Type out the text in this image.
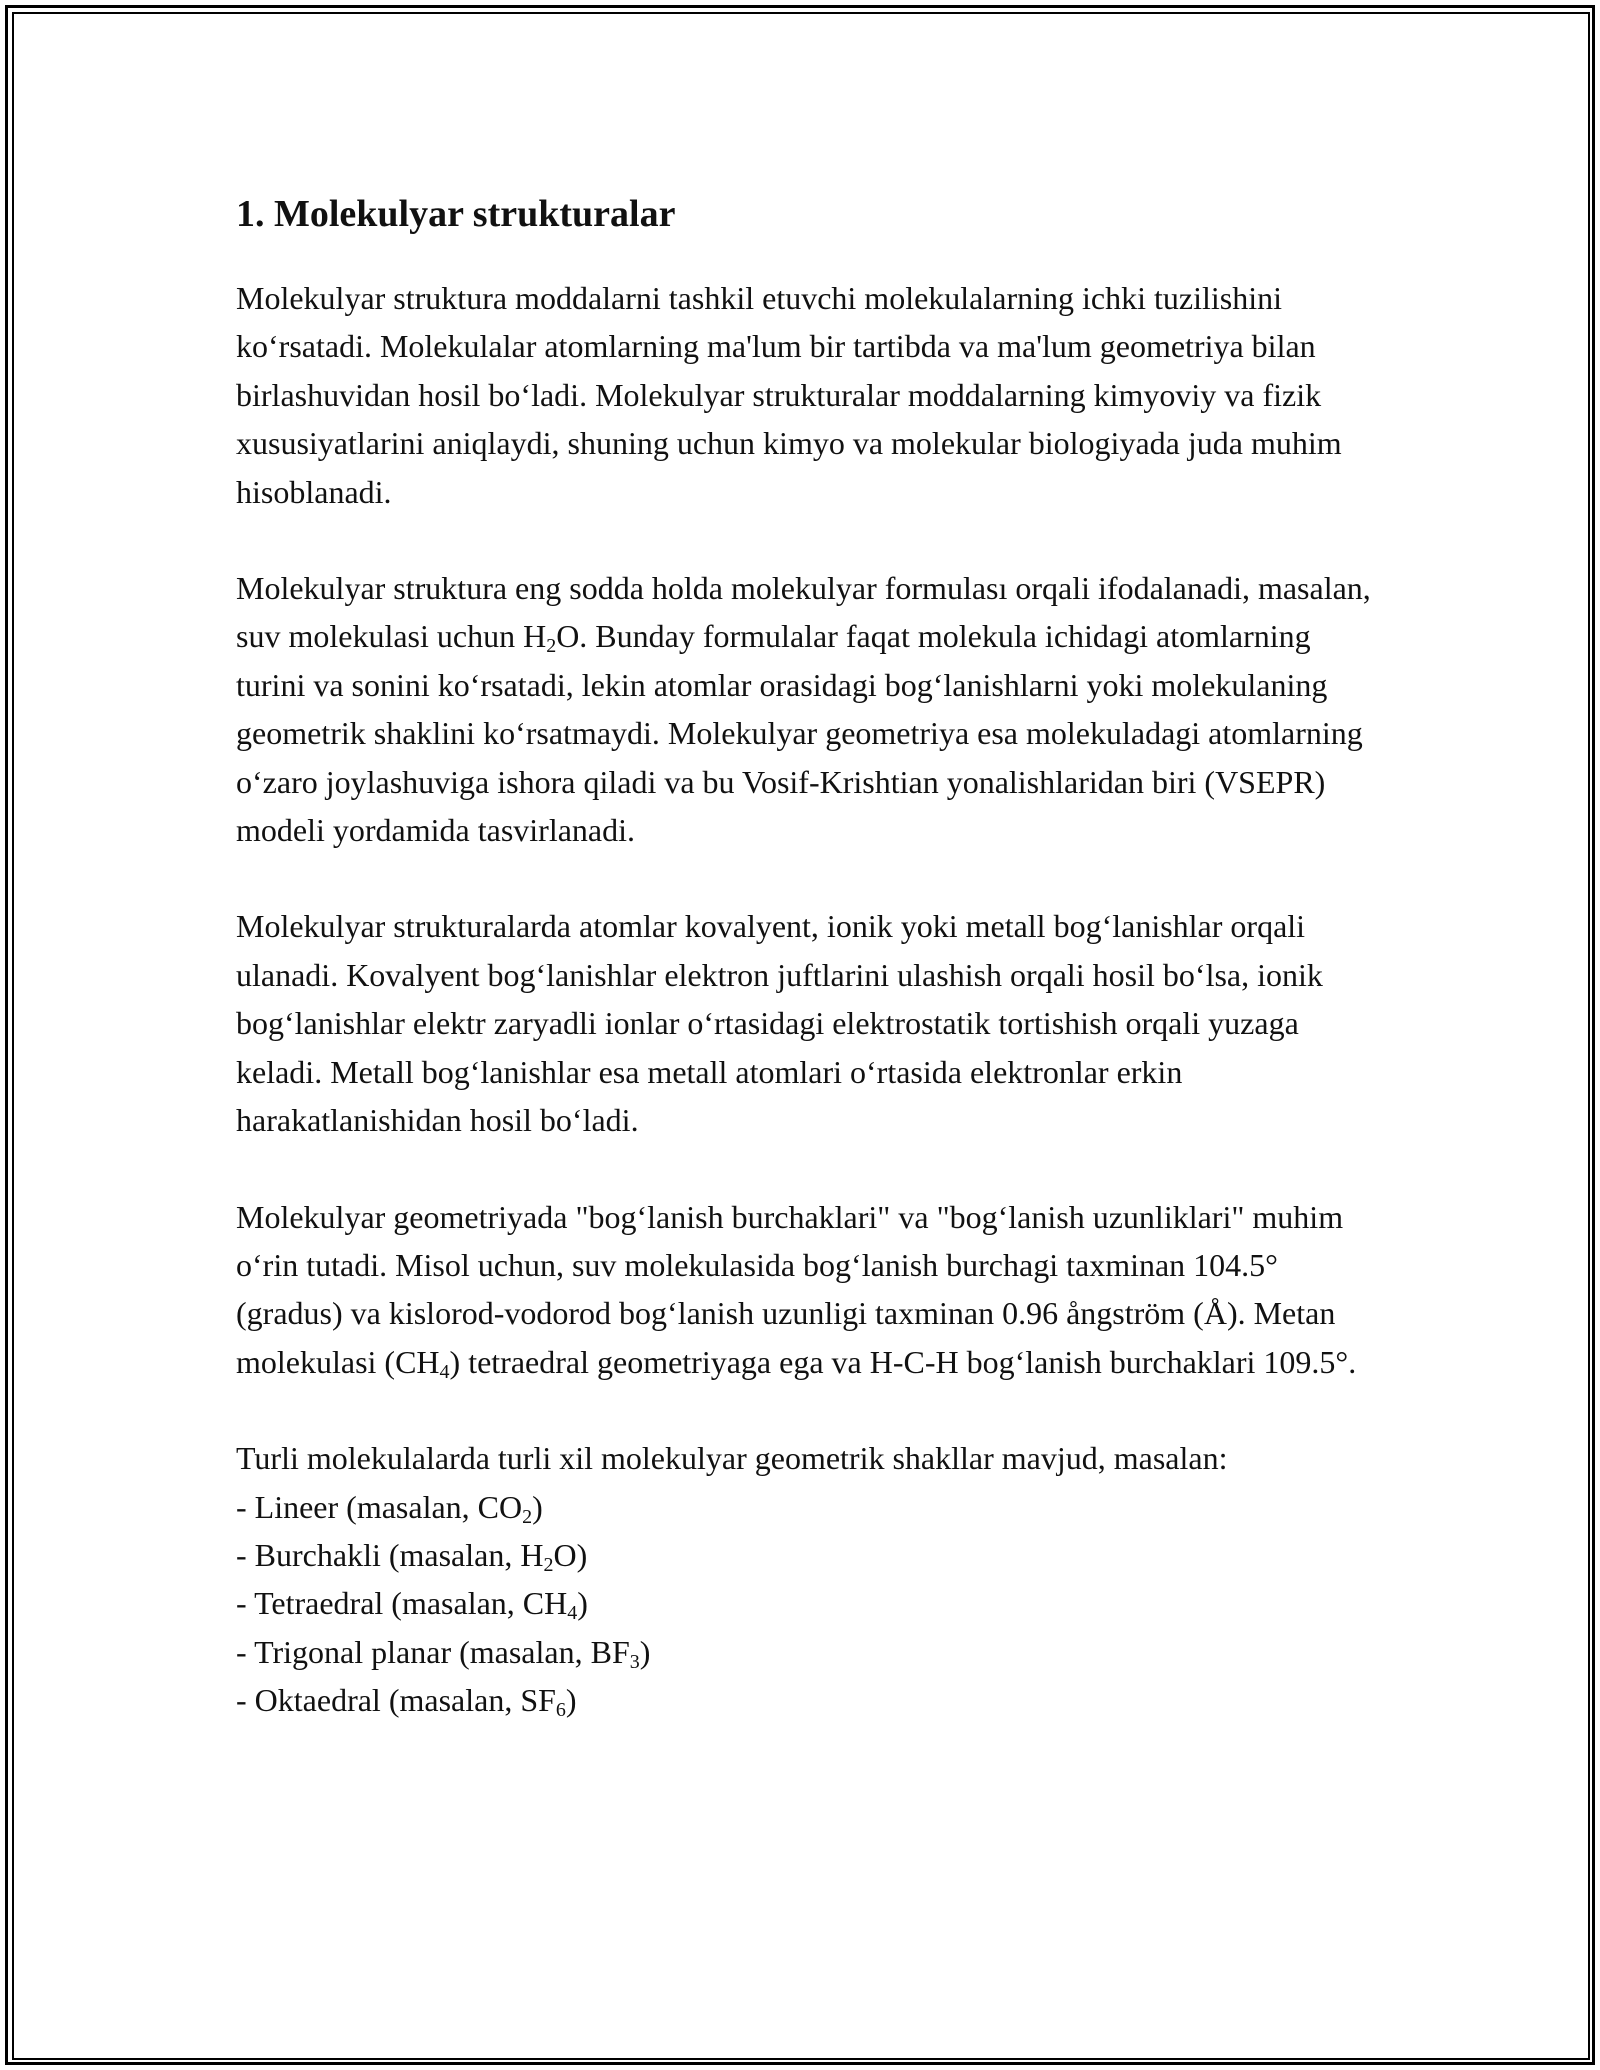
1. Molekulyar strukturalar

Molekulyar struktura moddalarni tashkil etuvchi molekulalarning ichki tuzilishini ko‘rsatadi. Molekulalar atomlarning ma'lum bir tartibda va ma'lum geometriya bilan birlashuvidan hosil bo‘ladi. Molekulyar strukturalar moddalarning kimyoviy va fizik xususiyatlarini aniqlaydi, shuning uchun kimyo va molekular biologiyada juda muhim hisoblanadi.

Molekulyar struktura eng sodda holda molekulyar formulası orqali ifodalanadi, masalan, suv molekulasi uchun $H_2O$. Bunday formulalar faqat molekula ichidagi atomlarning turini va sonini ko‘rsatadi, lekin atomlar orasidagi bog‘lanishlarni yoki molekulaning geometrik shaklini ko‘rsatmaydi. Molekulyar geometriya esa molekuladagi atomlarning o‘zaro joylashuviga ishora qiladi va bu Vosif-Krishtian yonalishlaridan biri (VSEPR) modeli yordamida tasvirlanadi.

Molekulyar strukturalarda atomlar kovalyent, ionik yoki metall bog‘lanishlar orqali ulanadi. Kovalyent bog‘lanishlar elektron juftlarini ulashish orqali hosil bo‘lsa, ionik bog‘lanishlar elektr zaryadli ionlar o‘rtasidagi elektrostatik tortishish orqali yuzaga keladi. Metall bog‘lanishlar esa metall atomlari o‘rtasida elektronlar erkin harakatlanishidan hosil bo‘ladi.

Molekulyar geometriyada "bog‘lanish burchaklari" va "bog‘lanish uzunliklari" muhim o‘rin tutadi. Misol uchun, suv molekulasida bog‘lanish burchagi taxminan 104.5° (gradus) va kislorod-vodorod bog‘lanish uzunligi taxminan 0.96 ångström (Å). Metan molekulasi $(CH_4)$ tetraedral geometriyaga ega va H-C-H bog‘lanish burchaklari 109.5°.

Turli molekulalarda turli xil molekulyar geometrik shakllar mavjud, masalan:
- Lineer (masalan, $CO_2$)
- Burchakli (masalan, $H_2O$)
- Tetraedral (masalan, $CH_4$)
- Trigonal planar (masalan, $BF_3$)
- Oktaedral (masalan, $SF_6$)
